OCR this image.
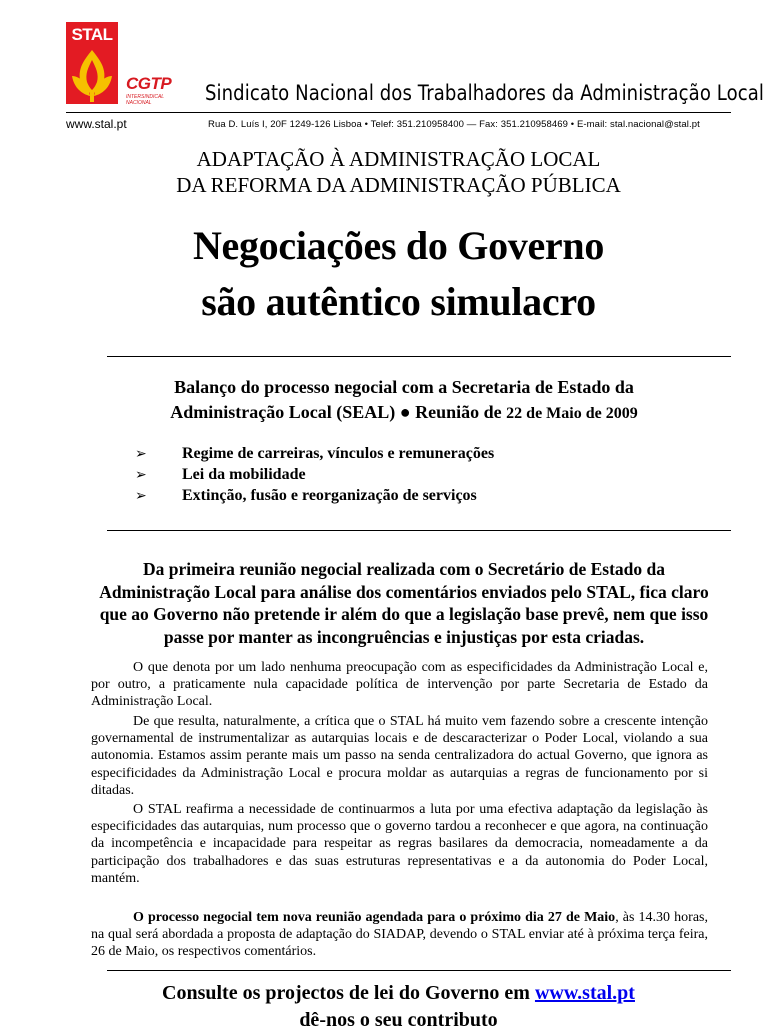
STAL
CGTP
INTERSINDICAL NACIONAL	Sindicato Nacional dos Trabalhadores da Administração Local
www.stal.pt	Rua D. Luís I, 20F 1249-126 Lisboa • Telef: 351.210958400 — Fax: 351.210958469 • E-mail: stal.nacional@stal.pt
ADAPTAÇÃO À ADMINISTRAÇÃO LOCAL
DA REFORMA DA ADMINISTRAÇÃO PÚBLICA
Negociações do Governo
são autêntico simulacro
Balanço do processo negocial com a Secretaria de Estado da
Administração Local (SEAL) ● Reunião de 22 de Maio de 2009
➢ Regime de carreiras, vínculos e remunerações
➢ Lei da mobilidade
➢ Extinção, fusão e reorganização de serviços
Da primeira reunião negocial realizada com o Secretário de Estado da Administração Local para análise dos comentários enviados pelo STAL, fica claro que ao Governo não pretende ir além do que a legislação base prevê, nem que isso passe por manter as incongruências e injustiças por esta criadas.

O que denota por um lado nenhuma preocupação com as especificidades da Administração Local e, por outro, a praticamente nula capacidade política de intervenção por parte Secretaria de Estado da Administração Local.

De que resulta, naturalmente, a crítica que o STAL há muito vem fazendo sobre a crescente intenção governamental de instrumentalizar as autarquias locais e de descaracterizar o Poder Local, violando a sua autonomia. Estamos assim perante mais um passo na senda centralizadora do actual Governo, que ignora as especificidades da Administração Local e procura moldar as autarquias a regras de funcionamento por si ditadas.

O STAL reafirma a necessidade de continuarmos a luta por uma efectiva adaptação da legislação às especificidades das autarquias, num processo que o governo tardou a reconhecer e que agora, na continuação da incompetência e incapacidade para respeitar as regras basilares da democracia, nomeadamente a da participação dos trabalhadores e das suas estruturas representativas e a da autonomia do Poder Local, mantém.

O processo negocial tem nova reunião agendada para o próximo dia 27 de Maio, às 14.30 horas, na qual será abordada a proposta de adaptação do SIADAP, devendo o STAL enviar até à próxima terça feira, 26 de Maio, os respectivos comentários.

Consulte os projectos de lei do Governo em www.stal.pt
dê-nos o seu contributo
